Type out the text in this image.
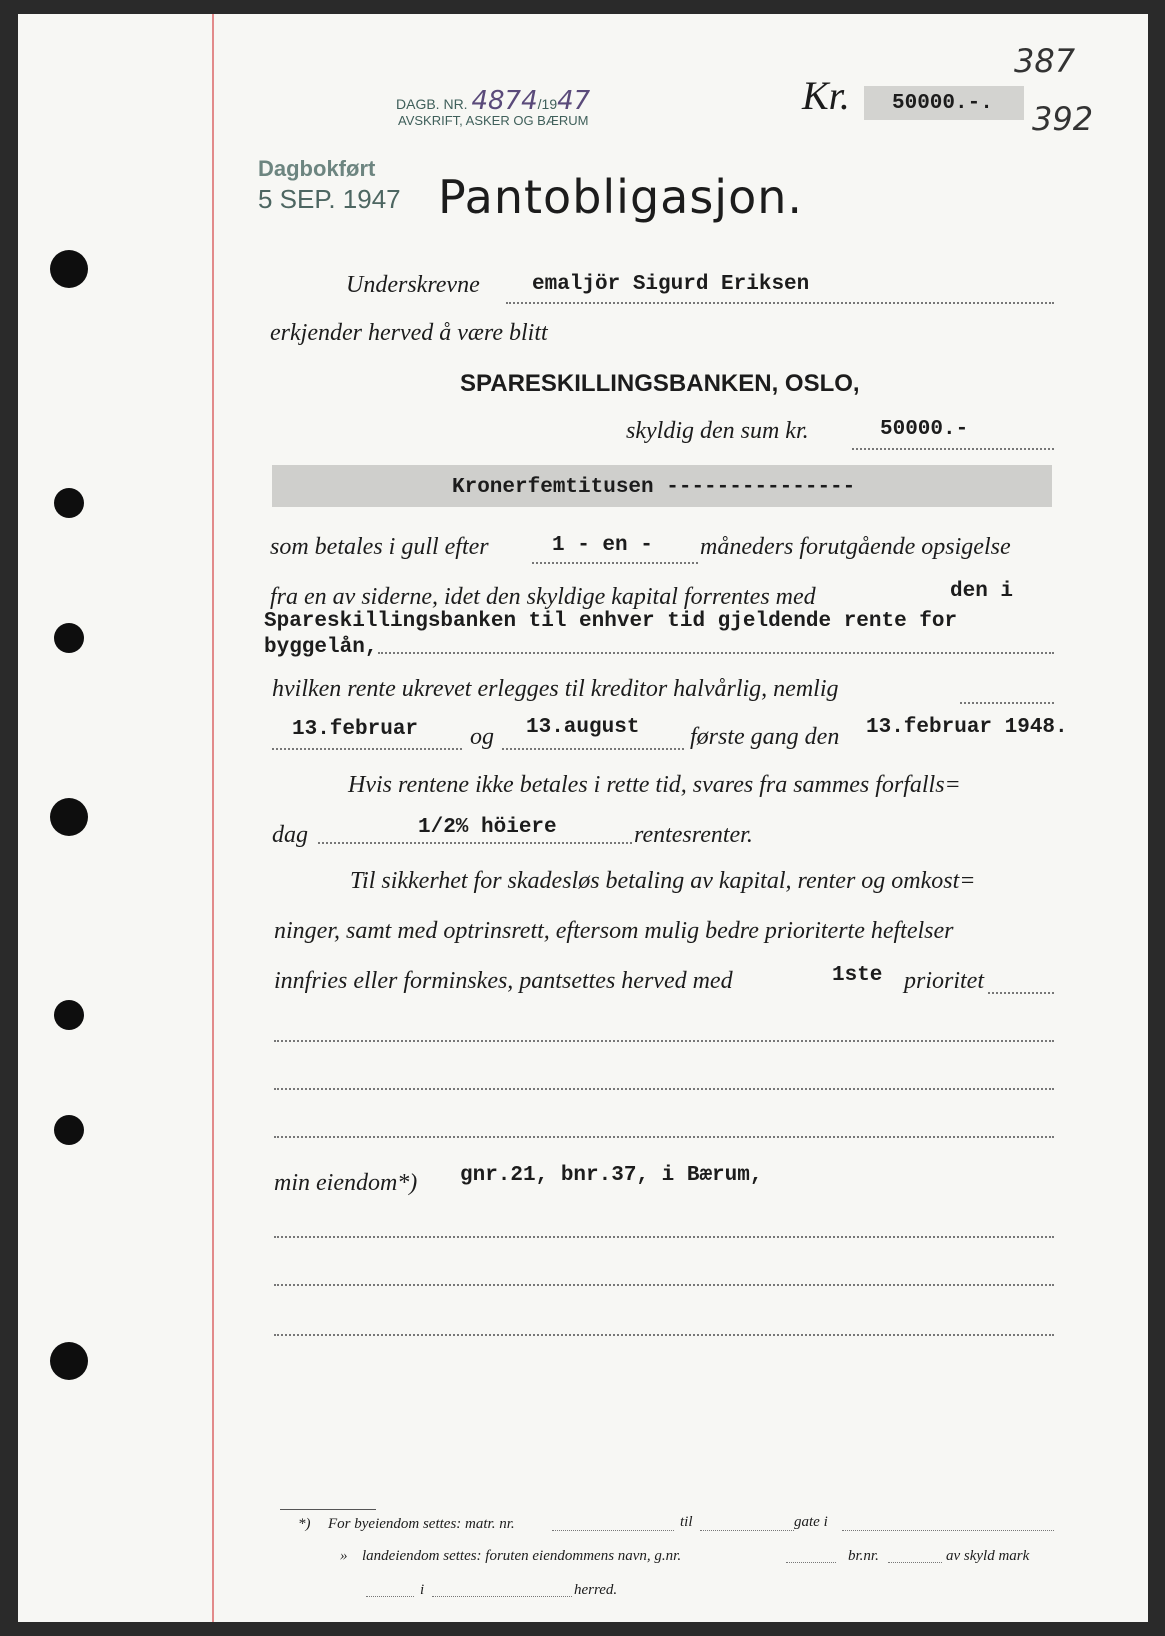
DAGB. NR. 4874/1947
AVSKRIFT, ASKER OG BÆRUM
Dagbokført
5 SEP. 1947
Kr. 50000.-.
387
392
Pantobligasjon.
Underskrevne emaljör Sigurd Eriksen
erkjender herved å være blitt
SPARESKILLINGSBANKEN, OSLO,
skyldig den sum kr.	50000.-
Kronerfemtitusen ---------------
som betales i gull efter	1 - en - måneders forutgående opsigelse
fra en av siderne, idet den skyldige kapital forrentes med	den i
Spareskillingsbanken til enhver tid gjeldende rente for
byggelån,
hvilken rente ukrevet erlegges til kreditor halvårlig, nemlig
13.februar og 13.august første gang den 13.februar 1948.
Hvis rentene ikke betales i rette tid, svares fra sammes forfalls=
dag	1/2% höiere	rentesrenter.
Til sikkerhet for skadesløs betaling av kapital, renter og omkost=
ninger, samt med optrinsrett, eftersom mulig bedre prioriterte heftelser
innfries eller forminskes, pantsettes herved med	1ste prioritet
min eiendom*) gnr.21, bnr.37, i Bærum,
*) For byeiendom settes: matr. nr.	til	gate i
» landeiendom settes: foruten eiendommens navn, g.nr.	br.nr.	av skyld mark
i	herred.
